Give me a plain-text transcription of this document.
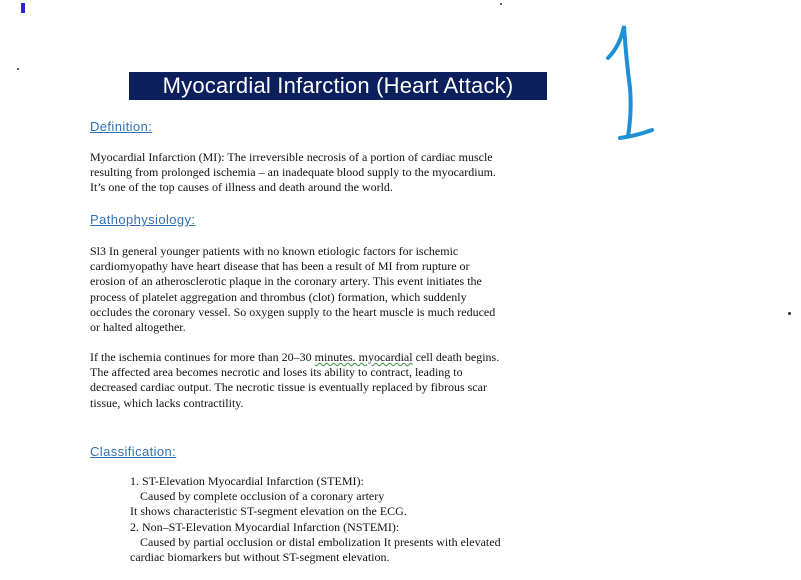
Myocardial Infarction (Heart Attack)
Definition:
Myocardial Infarction (MI): The irreversible necrosis of a portion of cardiac muscle
resulting from prolonged ischemia – an inadequate blood supply to the myocardium.
It’s one of the top causes of illness and death around the world.
Pathophysiology:
Sl3 In general younger patients with no known etiologic factors for ischemic
cardiomyopathy have heart disease that has been a result of MI from rupture or
erosion of an atherosclerotic plaque in the coronary artery. This event initiates the
process of platelet aggregation and thrombus (clot) formation, which suddenly
occludes the coronary vessel. So oxygen supply to the heart muscle is much reduced
or halted altogether.
If the ischemia continues for more than 20–30 minutes. myocardial cell death begins.
The affected area becomes necrotic and loses its ability to contract, leading to
decreased cardiac output. The necrotic tissue is eventually replaced by fibrous scar
tissue, which lacks contractility.
Classification:
1. ST-Elevation Myocardial Infarction (STEMI):
Caused by complete occlusion of a coronary artery
It shows characteristic ST-segment elevation on the ECG.
2. Non–ST-Elevation Myocardial Infarction (NSTEMI):
Caused by partial occlusion or distal embolization It presents with elevated
cardiac biomarkers but without ST-segment elevation.
